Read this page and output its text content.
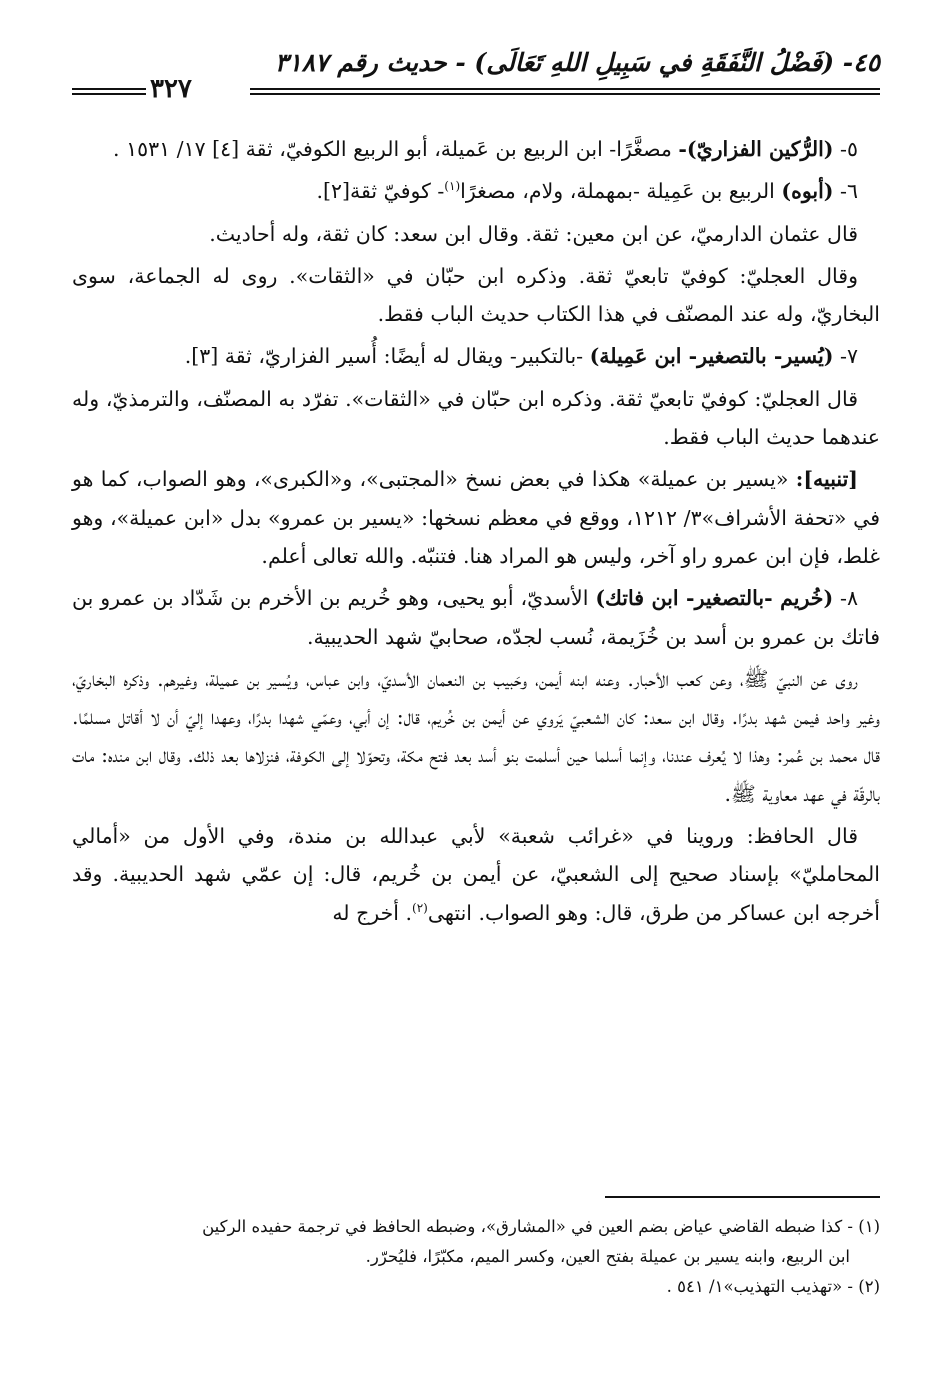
٤٥- (فَضْلُ النَّفَقَةِ في سَبِيلِ اللهِ تَعَالَى) - حديث رقم ٣١٨٧
٣٢٧

٥- (الرُّكين الفزاريّ)- مصغَّرًا- ابن الربيع بن عَميلة، أبو الربيع الكوفيّ، ثقة [٤] ١٧/ ١٥٣١ .

٦- (أبوه) الربيع بن عَمِيلة -بمهملة، ولام، مصغرًا$^{(١)}$- كوفيّ ثقة[٢].

قال عثمان الدارميّ، عن ابن معين: ثقة. وقال ابن سعد: كان ثقة، وله أحاديث.

وقال العجليّ: كوفيّ تابعيّ ثقة. وذكره ابن حبّان في «الثقات». روى له الجماعة، سوى البخاريّ، وله عند المصنّف في هذا الكتاب حديث الباب فقط.

٧- (يُسير- بالتصغير- ابن عَمِيلة) -بالتكبير- ويقال له أيضًا: أُسير الفزاريّ، ثقة [٣].

قال العجليّ: كوفيّ تابعيّ ثقة. وذكره ابن حبّان في «الثقات». تفرّد به المصنّف، والترمذيّ، وله عندهما حديث الباب فقط.

[تنبيه]: «يسير بن عميلة» هكذا في بعض نسخ «المجتبى»، و«الكبرى»، وهو الصواب، كما هو في «تحفة الأشراف»٣/ ١٢١٢، ووقع في معظم نسخها: «يسير بن عمرو» بدل «ابن عميلة»، وهو غلط، فإن ابن عمرو راو آخر، وليس هو المراد هنا. فتنبّه. والله تعالى أعلم.

٨- (خُريم -بالتصغير- ابن فاتك) الأسديّ، أبو يحيى، وهو خُريم بن الأخرم بن شَدّاد بن عمرو بن فاتك بن عمرو بن أسد بن خُزَيمة، نُسب لجدّه، صحابيّ شهد الحديبية.

روى عن النبيّ ﷺ، وعن كعب الأحبار. وعنه ابنه أيمن، وحَبيب بن النعمان الأسديّ، وابن عباس، ويُسير بن عميلة، وغيرهم. وذكره البخاريّ، وغير واحد فيمن شهد بدرًا. وقال ابن سعد: كان الشعبيّ يَروي عن أيمن بن خُريم، قال: إن أبي، وعمّي شهدا بدرًا، وعهدا إليّ أن لا أقاتل مسلمًا. قال محمد بن عُمر: وهذا لا يُعرف عندنا، وإنما أسلما حين أسلمت بنو أسد بعد فتح مكة، وتحوّلا إلى الكوفة، فنزلاها بعد ذلك. وقال ابن منده: مات بالرقّة في عهد معاوية ﷺ.

قال الحافظ: وروينا في «غرائب شعبة» لأبي عبدالله بن مندة، وفي الأول من «أمالي المحامليّ» بإسناد صحيح إلى الشعبيّ، عن أيمن بن خُريم، قال: إن عمّي شهد الحديبية. وقد أخرجه ابن عساكر من طرق، قال: وهو الصواب. انتهى$^{(٢)}$. أخرج له

(١) - كذا ضبطه القاضي عياض بضم العين في «المشارق»، وضبطه الحافظ في ترجمة حفيده الركين

ابن الربيع، وابنه يسير بن عميلة بفتح العين، وكسر الميم، مكبّرًا، فليُحرّر.

(٢) - «تهذيب التهذيب»١/ ٥٤١ .
